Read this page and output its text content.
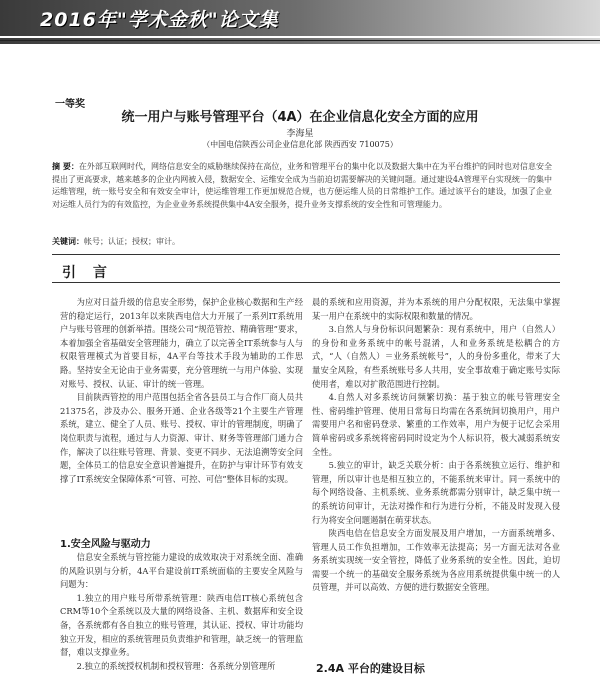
2016年"学术金秋"论文集
一等奖
统一用户与账号管理平台（4A）在企业信息化安全方面的应用
李海星
（中国电信陕西公司企业信息化部 陕西西安 710075）
摘 要：在外部互联网时代，网络信息安全的威胁继续保持在高位，业务和管理平台的集中化以及数据大集中在为平台维护的同时也对信息安全提出了更高要求，越来越多的企业内网被入侵，数据安全、运维安全成为当前迫切需要解决的关键问题。通过建设4A管理平台实现统一的集中运维管理，统一账号安全和有效安全审计，使运维管理工作更加规范合规，也方便运维人员的日常维护工作。通过该平台的建设，加强了企业对运维人员行为的有效监控，为企业业务系统提供集中4A安全服务，提升业务支撑系统的安全性和可管理能力。
关键词：帐号；认证；授权；审计。
引 言

为应对日益升级的信息安全形势，保护企业核心数据和生产经营的稳定运行，2013年以来陕西电信大力开展了一系列IT系统用户与账号管理的创新举措。围绕公司“规范管控、精确管理”要求，本着加强全省基础安全管理能力，确立了以完善全IT系统参与人与权限管理模式为首要目标，4A平台等技术手段为辅助的工作思路。坚持安全无论由于业务需要，充分管理统一与用户体验、实现对账号、授权、认证、审计的统一管理。

目前陕西管控的用户范围包括全省各县员工与合作厂商人员共21375名，涉及办公、服务开通、企业各级等21个主要生产管理系统，建立、健全了人员、账号、授权、审计的管理制度，明确了岗位职责与流程，通过与人力资源、审计、财务等管理部门通力合作，解决了以往账号管理、背景、变更不同步、无法追溯等安全问题，全体员工的信息安全意识普遍提升，在防护与审计环节有效支撑了IT系统安全保障体系“可管、可控、可信”整体目标的实现。

1.安全风险与驱动力

信息安全系统与管控能力建设的成效取决于对系统全面、准确的风险识别与分析，4A平台建设前IT系统面临的主要安全风险与问题为：

1.独立的用户账号所带系统管理：陕西电信IT核心系统包含CRM等10个全系统以及大量的网络设备、主机、数据库和安全设备，各系统都有各自独立的账号管理，其认证、授权、审计功能均独立开发，相应的系统管理员负责维护和管理，缺乏统一的管理监督，难以支撑业务。

2.独立的系统授权机制和授权管理：各系统分别管理所

晨的系统和应用资源，并为本系统的用户分配权限，无法集中掌握某一用户在系统中的实际权限和数量的情况。

3.自然人与身份标识问题繁杂：现有系统中，用户（自然人）的身份和业务系统中的帐号混淆，人和业务系统是松耦合的方式，“人（自然人）＝业务系统帐号”，人的身份多重化，带来了大量安全风险，有些系统账号多人共用，安全事故难于确定账号实际使用者，难以对扩散范围进行控制。

4.自然人对多系统访问频繁切换：基于独立的帐号管理安全性、密码维护管理、使用日常每日均需在各系统间切换用户，用户需要用户名和密码登录、繁重的工作效率，用户为便于记忆会采用简单密码或多系统将密码同时设定为个人标识符，极大减弱系统安全性。

5.独立的审计，缺乏关联分析：由于各系统独立运行、维护和管理，所以审计也是相互独立的，不能系统来审计。同一系统中的每个网络设备、主机系统、业务系统都需分别审计，缺乏集中统一的系统访问审计，无法对操作和行为进行分析，不能及时发现入侵行为将安全问题遏制在萌芽状态。

陕西电信在信息安全方面发展及用户增加，一方面系统增多、管理人员工作负担增加，工作效率无法提高；另一方面无法对各业务系统实现统一安全管控，降低了业务系统的安全性。因此，迫切需要一个统一的基础安全服务系统为各应用系统提供集中统一的人员管理，并可以高效、方便的进行数据安全管理。

2.4A 平台的建设目标
